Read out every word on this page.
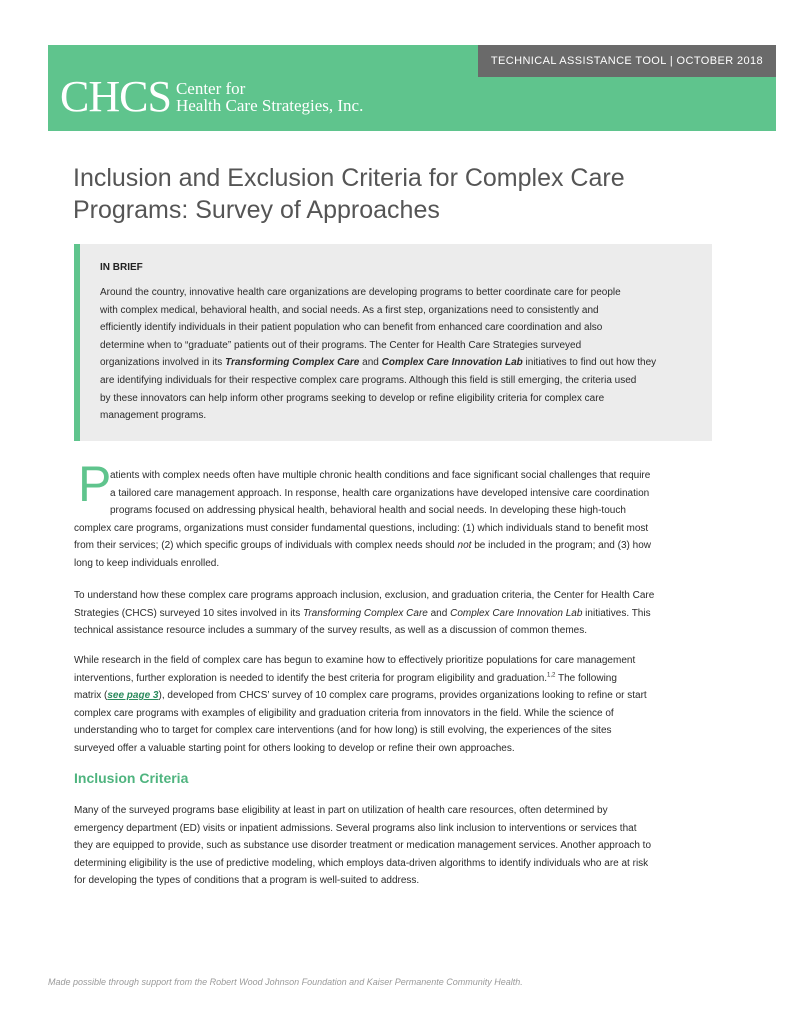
TECHNICAL ASSISTANCE TOOL | OCTOBER 2018
CHCS Center for
Health Care Strategies, Inc.
Inclusion and Exclusion Criteria for Complex Care
Programs: Survey of Approaches

IN BRIEF

Around the country, innovative health care organizations are developing programs to better coordinate care for people
with complex medical, behavioral health, and social needs. As a first step, organizations need to consistently and
efficiently identify individuals in their patient population who can benefit from enhanced care coordination and also
determine when to “graduate” patients out of their programs. The Center for Health Care Strategies surveyed
organizations involved in its Transforming Complex Care and Complex Care Innovation Lab initiatives to find out how they
are identifying individuals for their respective complex care programs. Although this field is still emerging, the criteria used
by these innovators can help inform other programs seeking to develop or refine eligibility criteria for complex care
management programs.

P

atients with complex needs often have multiple chronic health conditions and face significant social challenges that require
a tailored care management approach. In response, health care organizations have developed intensive care coordination
programs focused on addressing physical health, behavioral health and social needs. In developing these high-touch
complex care programs, organizations must consider fundamental questions, including: (1) which individuals stand to benefit most
from their services; (2) which specific groups of individuals with complex needs should not be included in the program; and (3) how
long to keep individuals enrolled.

To understand how these complex care programs approach inclusion, exclusion, and graduation criteria, the Center for Health Care
Strategies (CHCS) surveyed 10 sites involved in its Transforming Complex Care and Complex Care Innovation Lab initiatives. This
technical assistance resource includes a summary of the survey results, as well as a discussion of common themes.

While research in the field of complex care has begun to examine how to effectively prioritize populations for care management
interventions, further exploration is needed to identify the best criteria for program eligibility and graduation.$^{1,2}$ The following
matrix (see page 3), developed from CHCS’ survey of 10 complex care programs, provides organizations looking to refine or start
complex care programs with examples of eligibility and graduation criteria from innovators in the field. While the science of
understanding who to target for complex care interventions (and for how long) is still evolving, the experiences of the sites
surveyed offer a valuable starting point for others looking to develop or refine their own approaches.

Inclusion Criteria

Many of the surveyed programs base eligibility at least in part on utilization of health care resources, often determined by
emergency department (ED) visits or inpatient admissions. Several programs also link inclusion to interventions or services that
they are equipped to provide, such as substance use disorder treatment or medication management services. Another approach to
determining eligibility is the use of predictive modeling, which employs data-driven algorithms to identify individuals who are at risk
for developing the types of conditions that a program is well-suited to address.

Made possible through support from the Robert Wood Johnson Foundation and Kaiser Permanente Community Health.
